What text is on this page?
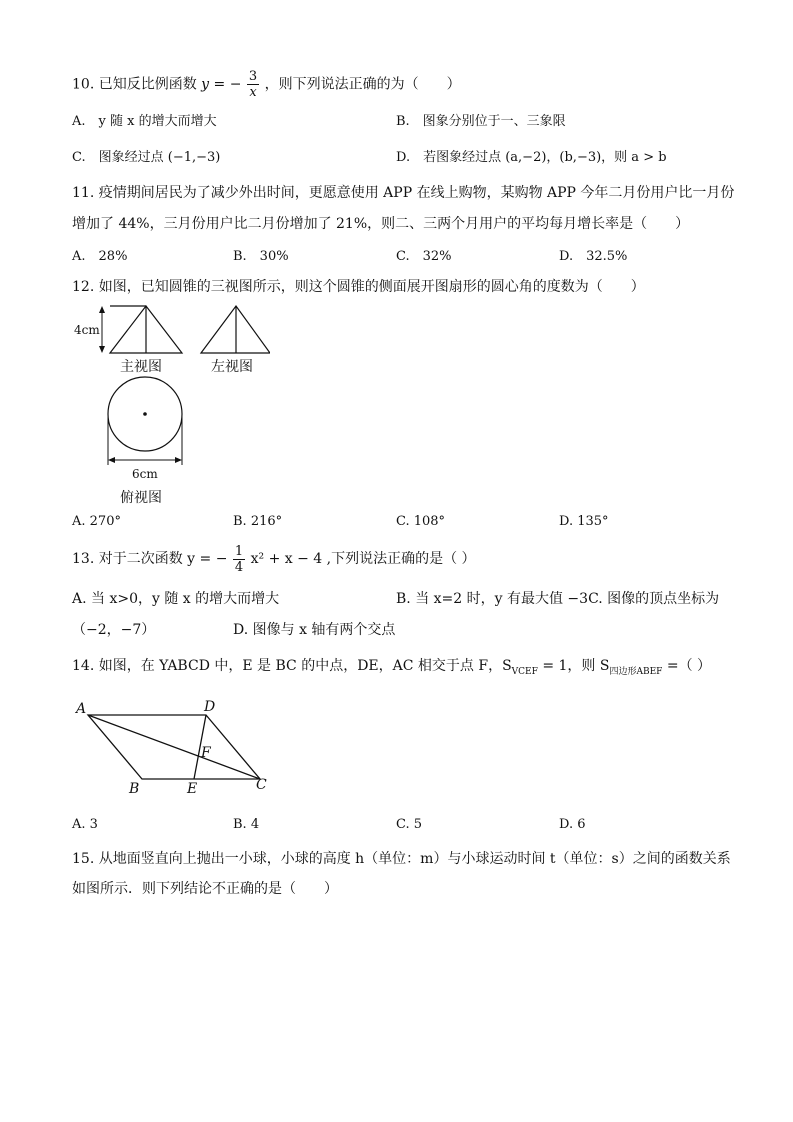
10. 已知反比例函数 y = − $\frac{3}{x}$ ，则下列说法正确的为（　　）
A.　y 随 x 的增大而增大	B.　图象分别位于一、三象限
C.　图象经过点 (−1,−3)	D.　若图象经过点 (a,−2)，(b,−3)，则 a > b
11. 疫情期间居民为了减少外出时间，更愿意使用 APP 在线上购物，某购物 APP 今年二月份用户比一月份
增加了 44%，三月份用户比二月份增加了 21%，则二、三两个月用户的平均每月增长率是（　　）
A.　28%	B.　30%	C.　32%	D.　32.5%
12. 如图，已知圆锥的三视图所示，则这个圆锥的侧面展开图扇形的圆心角的度数为（　　）
4cm
主视图	左视图
6cm
俯视图
A. 270°	B. 216°	C. 108°	D. 135°
13. 对于二次函数 y = − $\frac{1}{4} x^2 + x - 4$ ,下列说法正确的是（ ）
A. 当 x>0，y 随 x 的增大而增大	B. 当 x=2 时，y 有最大值 −3C. 图像的顶点坐标为
（−2，−7）	D. 图像与 x 轴有两个交点
14. 如图，在 YABCD 中，E 是 BC 的中点，DE，AC 相交于点 F，$S_{VCEF} = 1$，则 $S_{四边形ABEF}$ =（ ）
A	D
F
B	E	C
A. 3	B. 4	C. 5	D. 6
15. 从地面竖直向上抛出一小球，小球的高度 h（单位：m）与小球运动时间 t（单位：s）之间的函数关系
如图所示．则下列结论不正确的是（　　）
